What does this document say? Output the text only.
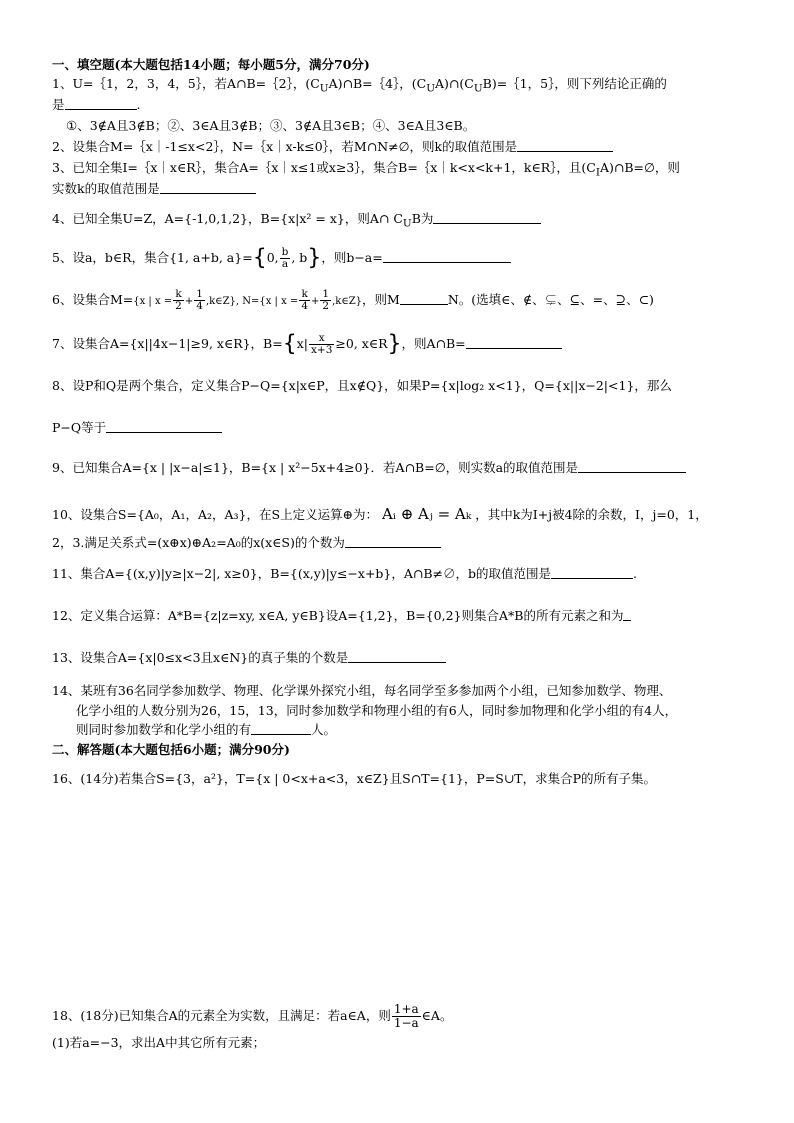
一、填空题(本大题包括14小题；每小题5分，满分70分)
1、U=｛1，2，3，4，5｝，若A∩B=｛2｝，$(C_UA)\cap B=\{4\}$，$(C_UA)\cap(C_UB)=\{1$，5｝，则下列结论正确的
是	.
①、3∉A且3∉B；②、3∈A且3∉B；③、3∉A且3∈B；④、3∈A且3∈B。
2、设集合M=｛x｜-1≤x<2｝，N=｛x｜x-k≤0｝，若M∩N≠∅，则k的取值范围是
3、已知全集I=｛x｜x∈R｝，集合A=｛x｜x≤1或x≥3｝，集合B=｛x｜k<x<k+1，k∈R｝，且$(C_IA)\cap B=\emptyset$，则
实数k的取值范围是
4、已知全集U=Z，A={-1,0,1,2}，B={x|x² = x}，则A∩ $C_UB$为
5、设a，b∈R，集合{1, a+b, a}={0, $\frac{b}{a}$ , b}，则b−a=
6、设集合M={x | $x = \frac{k}{2} + \frac{1}{4}$ ,k∈Z}, N={x | $x = \frac{k}{4} + \frac{1}{2}$ ,k∈Z}，则M	N。(选填∈、∉、⊊、⊆、=、⊇、⊂)
7、设集合A={x||4x−1|≥9, x∈R}，$B=\{x| \frac{x}{x+3} \ge 0$, x∈R}，则A∩B=
8、设P和Q是两个集合，定义集合P−Q={x|x∈P，且x∉Q}，如果P={x|log₂ x<1}，Q={x||x−2|<1}，那么
P−Q等于
9、已知集合A={x | |x−a|≤1}，B={x | x²−5x+4≥0}．若A∩B=∅，则实数a的取值范围是
10、设集合S={A₀，A₁，A₂，A₃}，在S上定义运算⊕为： Aᵢ ⊕ Aⱼ = Aₖ ，其中k为I+j被4除的余数，I，j=0，1，
2，3.满足关系式=(x⊕x)⊕A₂=A₀的x(x∈S)的个数为
11、集合A={(x,y)|y≥|x−2|, x≥0}，B={(x,y)|y≤−x+b}，A∩B≠∅，b的取值范围是	.
12、定义集合运算：A*B={z|z=xy, x∈A, y∈B}设A={1,2}，B={0,2}则集合A*B的所有元素之和为
13、设集合A={x|0≤x<3且x∈N}的真子集的个数是
14、某班有36名同学参加数学、物理、化学课外探究小组，每名同学至多参加两个小组，已知参加数学、物理、
化学小组的人数分别为26，15，13，同时参加数学和物理小组的有6人，同时参加物理和化学小组的有4人，
则同时参加数学和化学小组的有	人。
二、解答题(本大题包括6小题；满分90分)
16、(14分)若集合S={3，a²}，T={x | 0<x+a<3，x∈Z}且S∩T={1}，P=S∪T，求集合P的所有子集。
18、(18分)已知集合A的元素全为实数，且满足：若a∈A，则 $\frac{1+a}{1-a}$ ∈A。
(1)若a=−3，求出A中其它所有元素；
